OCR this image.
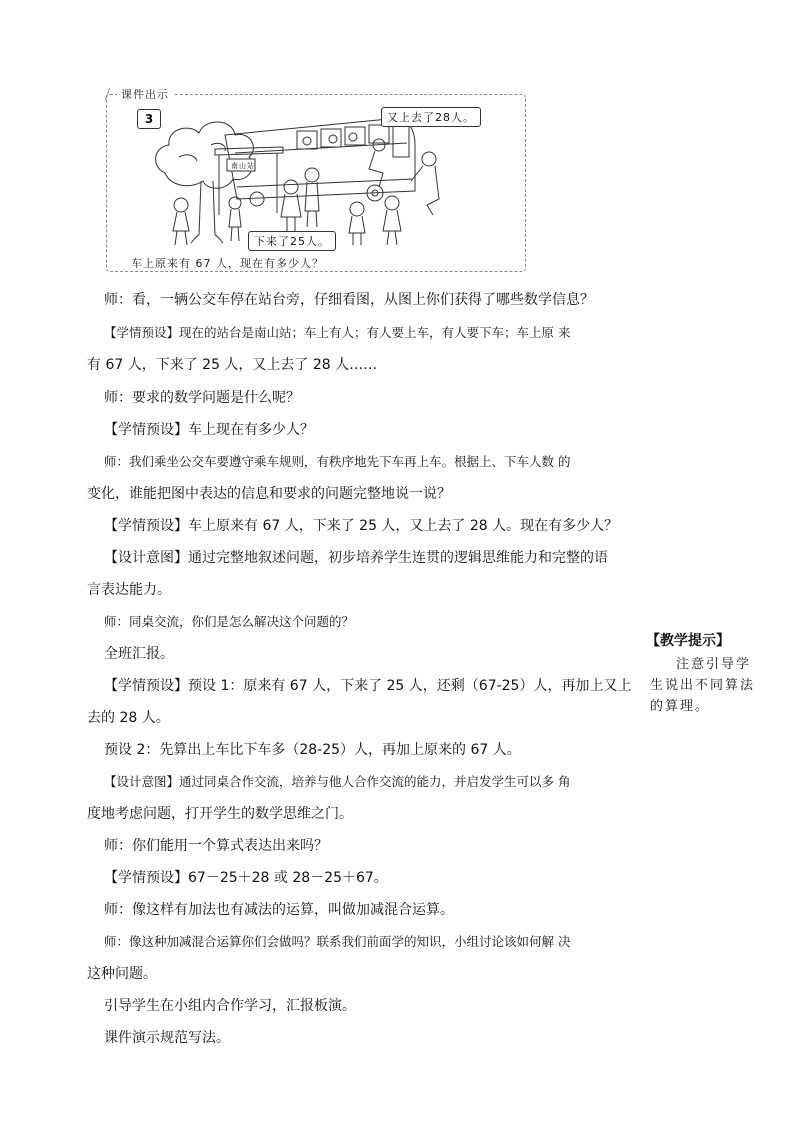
课件出示
3
南山站
又上去了28人。
下来了25人。
车上原来有 67 人，现在有多少人？
师：看，一辆公交车停在站台旁，仔细看图，从图上你们获得了哪些数学信息？
【学情预设】现在的站台是南山站；车上有人；有人要上车，有人要下车；车上原 来
有 67 人，下来了 25 人，又上去了 28 人……
师：要求的数学问题是什么呢？
【学情预设】车上现在有多少人？
师：我们乘坐公交车要遵守乘车规则，有秩序地先下车再上车。根据上、下车人数 的
变化，谁能把图中表达的信息和要求的问题完整地说一说？
【学情预设】车上原来有 67 人，下来了 25 人，又上去了 28 人。现在有多少人？
【设计意图】通过完整地叙述问题，初步培养学生连贯的逻辑思维能力和完整的语
言表达能力。
师：同桌交流，你们是怎么解决这个问题的？
全班汇报。
【学情预设】预设 1：原来有 67 人，下来了 25 人，还剩（67-25）人，再加上又上
去的 28 人。
预设 2：先算出上车比下车多（28-25）人，再加上原来的 67 人。
【设计意图】通过同桌合作交流，培养与他人合作交流的能力，并启发学生可以多 角
度地考虑问题，打开学生的数学思维之门。
师：你们能用一个算式表达出来吗？
【学情预设】67－25＋28 或 28－25＋67。
师：像这样有加法也有减法的运算，叫做加减混合运算。
师：像这种加减混合运算你们会做吗？联系我们前面学的知识，小组讨论该如何解 决
这种问题。
引导学生在小组内合作学习，汇报板演。
课件演示规范写法。
【教学提示】
注意引导学生说出不同算法的算理。
